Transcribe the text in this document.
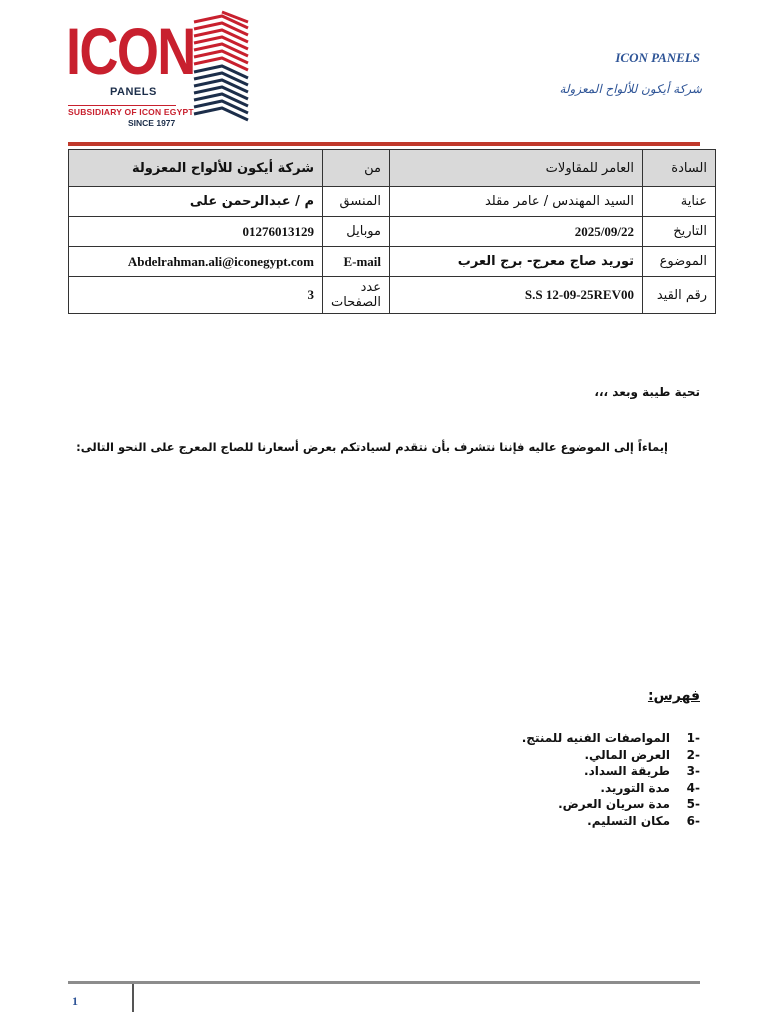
ICON
PANELS
SUBSIDIARY OF ICON EGYPT
SINCE 1977
ICON PANELS
شركة أيكون للألواح المعزولة
السادة	العامر للمقاولات	من	شركة أيكون للألواح المعزولة
عناية	السيد المهندس / عامر مقلد	المنسق	م / عبدالرحمن على
التاريخ	2025/09/22	موبايل	01276013129
الموضوع	توريد صاج معرج- برج العرب	E-mail	Abdelrahman.ali@iconegypt.com
رقم القيد	S.S 12-09-25REV00	عدد الصفحات	3
تحية طيبة وبعد ،،،
إيماءاً إلى الموضوع عاليه فإننا نتشرف بأن نتقدم لسيادتكم بعرض أسعارنا للصاج المعرج على النحو التالى:
فهرس:
-1المواصفات الفنيه للمنتج.
-2العرض المالي.
-3طريقة السداد.
-4مدة التوريد.
-5مدة سريان العرض.
-6مكان التسليم.
1
